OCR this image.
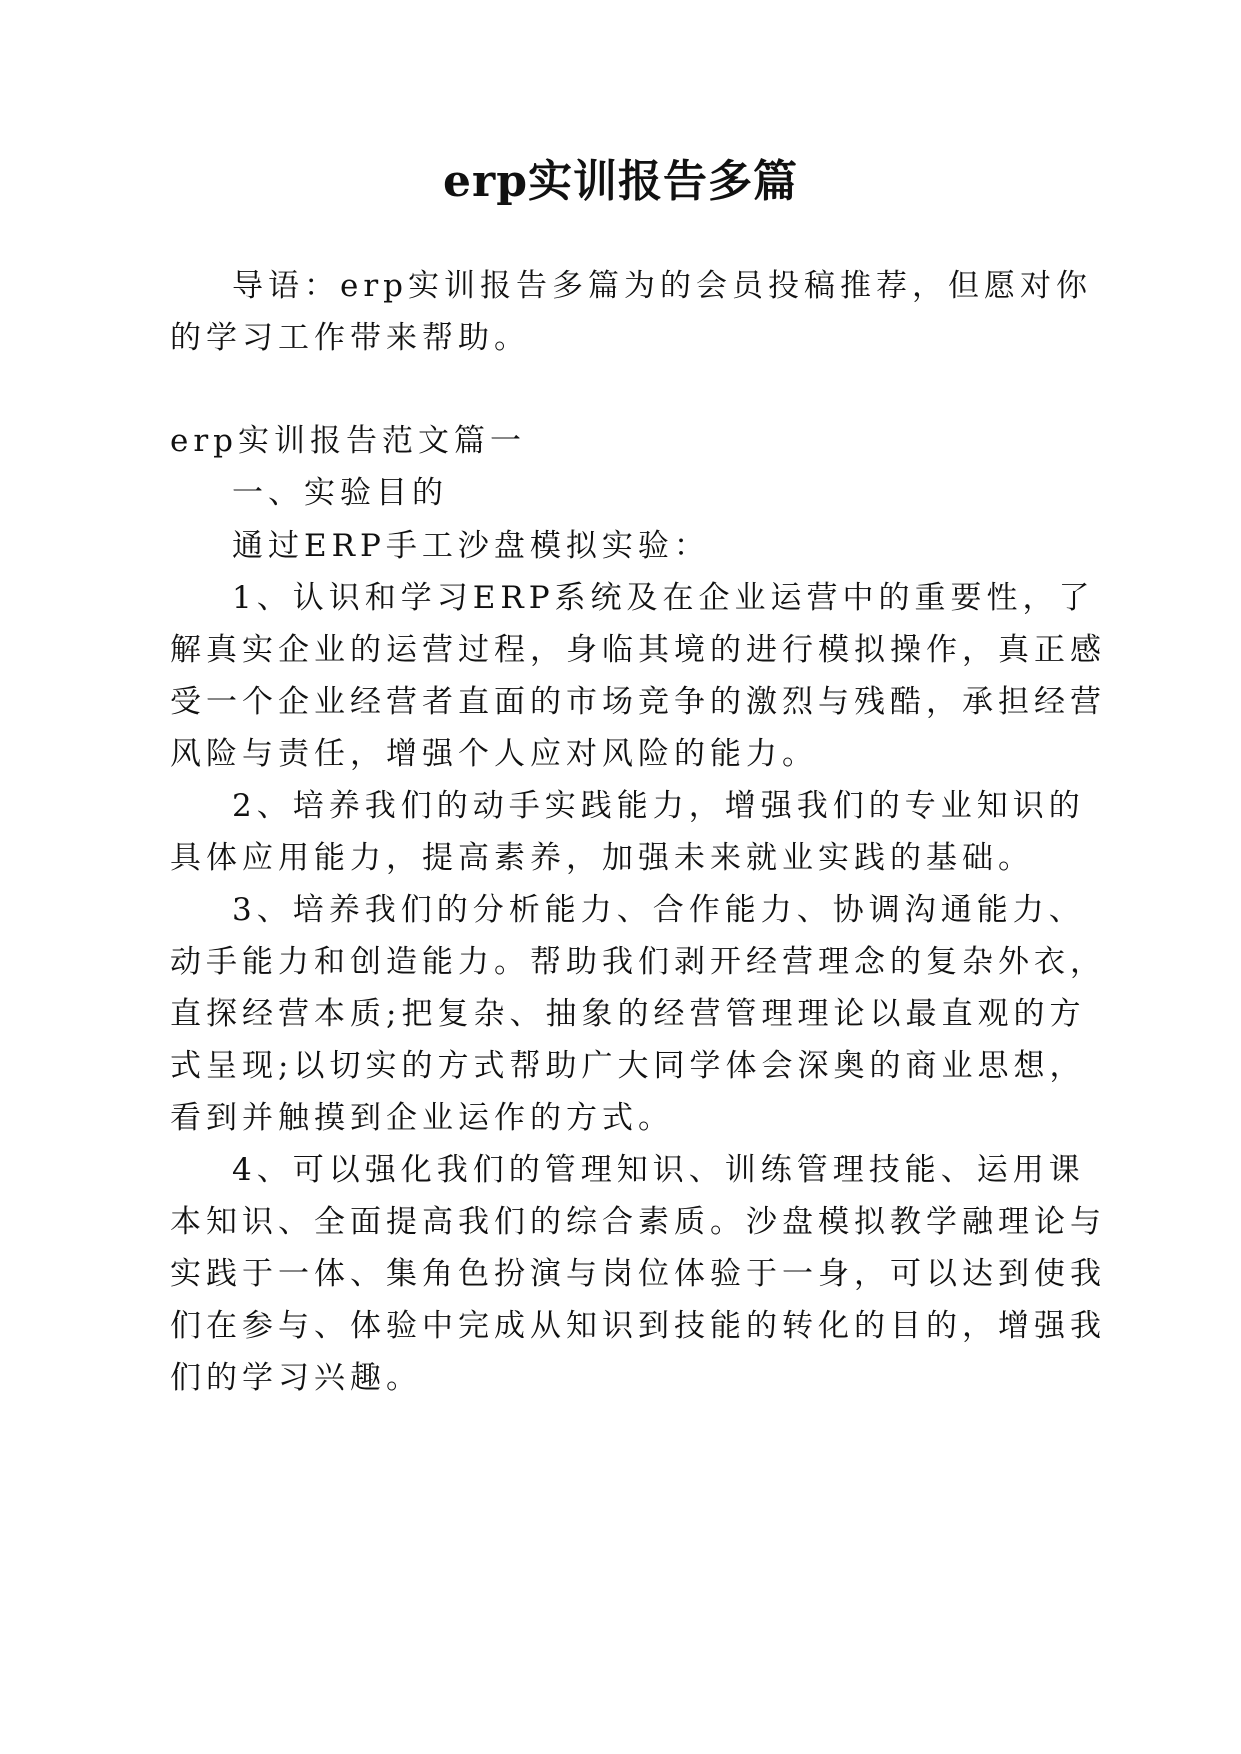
erp实训报告多篇
导语：erp实训报告多篇为的会员投稿推荐，但愿对你
的学习工作带来帮助。
erp实训报告范文篇一
一、实验目的
通过ERP手工沙盘模拟实验：
1、认识和学习ERP系统及在企业运营中的重要性，了
解真实企业的运营过程，身临其境的进行模拟操作，真正感
受一个企业经营者直面的市场竞争的激烈与残酷，承担经营
风险与责任，增强个人应对风险的能力。
2、培养我们的动手实践能力，增强我们的专业知识的
具体应用能力，提高素养，加强未来就业实践的基础。
3、培养我们的分析能力、合作能力、协调沟通能力、
动手能力和创造能力。帮助我们剥开经营理念的复杂外衣，
直探经营本质;把复杂、抽象的经营管理理论以最直观的方
式呈现;以切实的方式帮助广大同学体会深奥的商业思想，
看到并触摸到企业运作的方式。
4、可以强化我们的管理知识、训练管理技能、运用课
本知识、全面提高我们的综合素质。沙盘模拟教学融理论与
实践于一体、集角色扮演与岗位体验于一身，可以达到使我
们在参与、体验中完成从知识到技能的转化的目的，增强我
们的学习兴趣。
